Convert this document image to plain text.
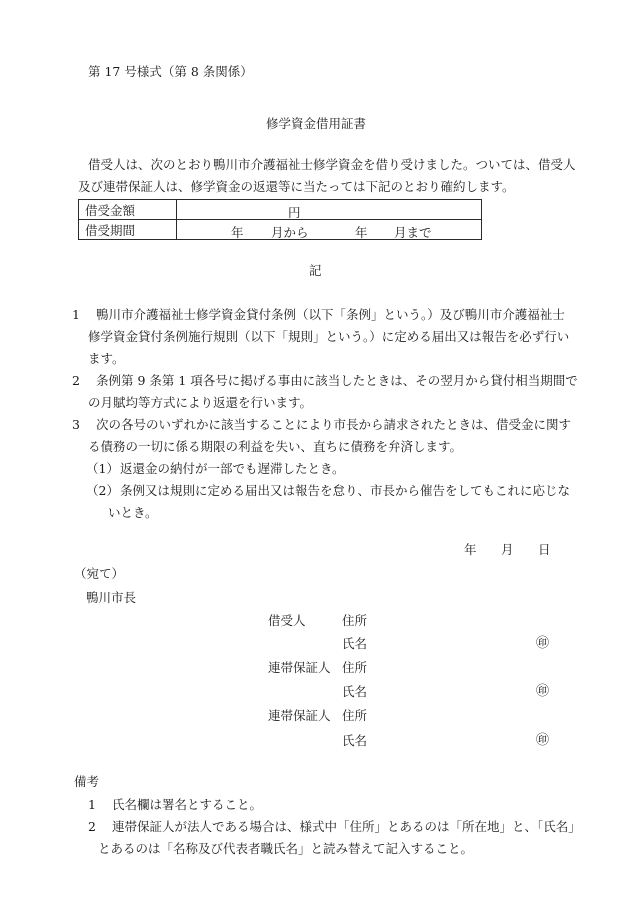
第 17 号様式（第 8 条関係）
修学資金借用証書
借受人は、次のとおり鴨川市介護福祉士修学資金を借り受けました。ついては、借受人
及び連帯保証人は、修学資金の返還等に当たっては下記のとおり確約します。
借受金額	円

借受期間	年 月から 年 月まで
記
1 鴨川市介護福祉士修学資金貸付条例（以下「条例」という。）及び鴨川市介護福祉士
修学資金貸付条例施行規則（以下「規則」という。）に定める届出又は報告を必ず行い
ます。
2 条例第 9 条第 1 項各号に掲げる事由に該当したときは、その翌月から貸付相当期間で
の月賦均等方式により返還を行います。
3 次の各号のいずれかに該当することにより市長から請求されたときは、借受金に関す
る債務の一切に係る期限の利益を失い、直ちに債務を弁済します。
（1） 返還金の納付が一部でも遅滞したとき。
（2） 条例又は規則に定める届出又は報告を怠り、市長から催告をしてもこれに応じな
いとき。
年 月 日
（宛て）
鴨川市長
借受人	住所
氏名	㊞
連帯保証人 住所
氏名	㊞
連帯保証人 住所
氏名	㊞
備考
1 氏名欄は署名とすること。
2 連帯保証人が法人である場合は、様式中「住所」とあるのは「所在地」と、「氏名」
とあるのは「名称及び代表者職氏名」と読み替えて記入すること。
